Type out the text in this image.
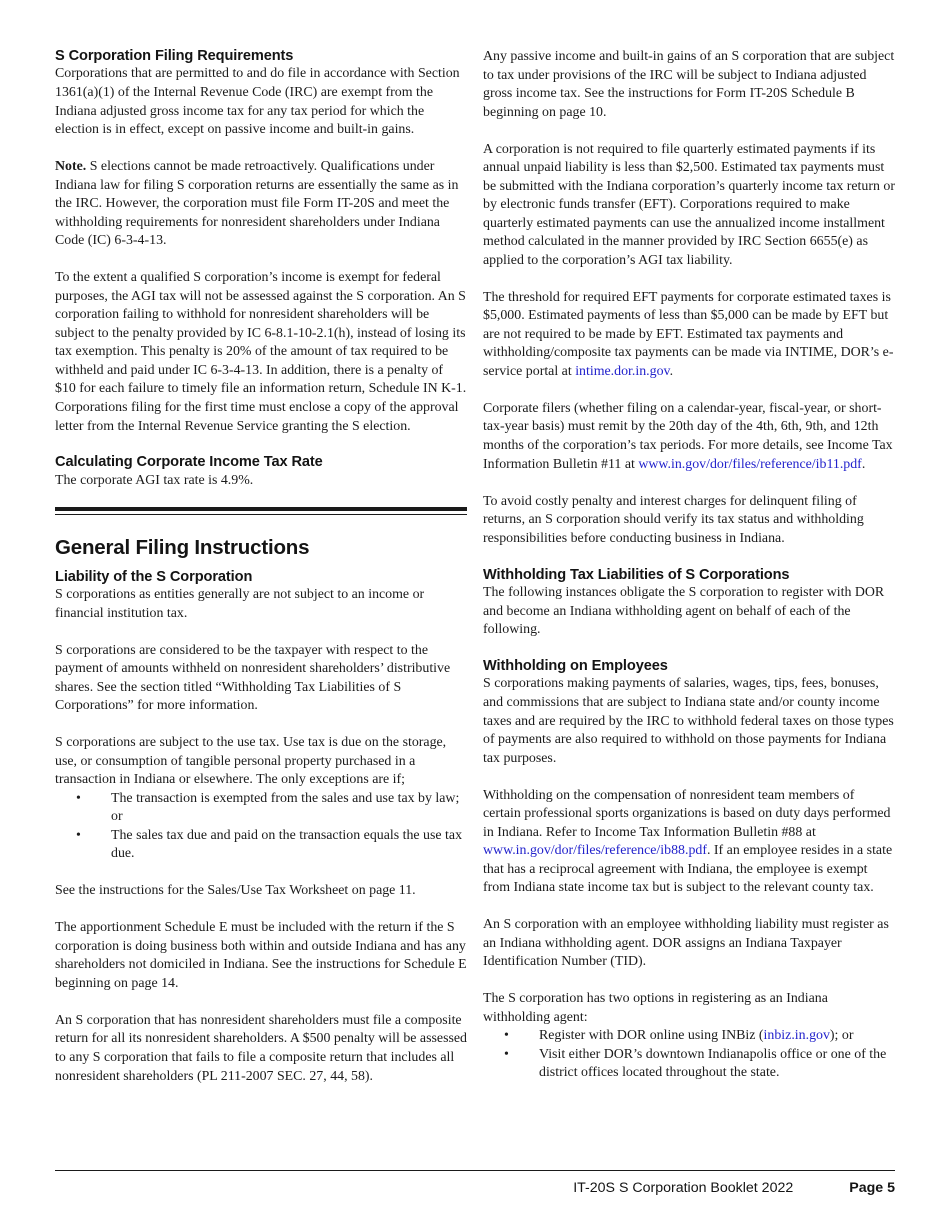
S Corporation Filing Requirements

Corporations that are permitted to and do file in accordance with Section 1361(a)(1) of the Internal Revenue Code (IRC) are exempt from the Indiana adjusted gross income tax for any tax period for which the election is in effect, except on passive income and built-in gains.

Note. S elections cannot be made retroactively. Qualifications under Indiana law for filing S corporation returns are essentially the same as in the IRC. However, the corporation must file Form IT-20S and meet the withholding requirements for nonresident shareholders under Indiana Code (IC) 6-3-4-13.

To the extent a qualified S corporation’s income is exempt for federal purposes, the AGI tax will not be assessed against the S corporation. An S corporation failing to withhold for nonresident shareholders will be subject to the penalty provided by IC 6-8.1-10-2.1(h), instead of losing its tax exemption. This penalty is 20% of the amount of tax required to be withheld and paid under IC 6-3-4-13. In addition, there is a penalty of $10 for each failure to timely file an information return, Schedule IN K-1. Corporations filing for the first time must enclose a copy of the approval letter from the Internal Revenue Service granting the S election.

Calculating Corporate Income Tax Rate

The corporate AGI tax rate is 4.9%.

General Filing Instructions
Liability of the S Corporation

S corporations as entities generally are not subject to an income or financial institution tax.

S corporations are considered to be the taxpayer with respect to the payment of amounts withheld on nonresident shareholders’ distributive shares. See the section titled “Withholding Tax Liabilities of S Corporations” for more information.

S corporations are subject to the use tax. Use tax is due on the storage, use, or consumption of tangible personal property purchased in a transaction in Indiana or elsewhere. The only exceptions are if;

• The transaction is exempted from the sales and use tax by law; or
• The sales tax due and paid on the transaction equals the use tax due.

See the instructions for the Sales/Use Tax Worksheet on page 11.

The apportionment Schedule E must be included with the return if the S corporation is doing business both within and outside Indiana and has any shareholders not domiciled in Indiana. See the instructions for Schedule E beginning on page 14.

An S corporation that has nonresident shareholders must file a composite return for all its nonresident shareholders. A $500 penalty will be assessed to any S corporation that fails to file a composite return that includes all nonresident shareholders (PL 211-2007 SEC. 27, 44, 58).

Any passive income and built-in gains of an S corporation that are subject to tax under provisions of the IRC will be subject to Indiana adjusted gross income tax. See the instructions for Form IT-20S Schedule B beginning on page 10.

A corporation is not required to file quarterly estimated payments if its annual unpaid liability is less than $2,500. Estimated tax payments must be submitted with the Indiana corporation’s quarterly income tax return or by electronic funds transfer (EFT). Corporations required to make quarterly estimated payments can use the annualized income installment method calculated in the manner provided by IRC Section 6655(e) as applied to the corporation’s AGI tax liability.

The threshold for required EFT payments for corporate estimated taxes is $5,000. Estimated payments of less than $5,000 can be made by EFT but are not required to be made by EFT. Estimated tax payments and withholding/composite tax payments can be made via INTIME, DOR’s e-service portal at intime.dor.in.gov.

Corporate filers (whether filing on a calendar-year, fiscal-year, or short-tax-year basis) must remit by the 20th day of the 4th, 6th, 9th, and 12th months of the corporation’s tax periods. For more details, see Income Tax Information Bulletin #11 at www.in.gov/dor/files/reference/ib11.pdf.

To avoid costly penalty and interest charges for delinquent filing of returns, an S corporation should verify its tax status and withholding responsibilities before conducting business in Indiana.

Withholding Tax Liabilities of S Corporations

The following instances obligate the S corporation to register with DOR and become an Indiana withholding agent on behalf of each of the following.

Withholding on Employees

S corporations making payments of salaries, wages, tips, fees, bonuses, and commissions that are subject to Indiana state and/or county income taxes and are required by the IRC to withhold federal taxes on those types of payments are also required to withhold on those payments for Indiana tax purposes.

Withholding on the compensation of nonresident team members of certain professional sports organizations is based on duty days performed in Indiana. Refer to Income Tax Information Bulletin #88 at www.in.gov/dor/files/reference/ib88.pdf. If an employee resides in a state that has a reciprocal agreement with Indiana, the employee is exempt from Indiana state income tax but is subject to the relevant county tax.

An S corporation with an employee withholding liability must register as an Indiana withholding agent. DOR assigns an Indiana Taxpayer Identification Number (TID).

The S corporation has two options in registering as an Indiana withholding agent:

• Register with DOR online using INBiz (inbiz.in.gov); or
• Visit either DOR’s downtown Indianapolis office or one of the district offices located throughout the state.
IT-20S S Corporation Booklet 2022	Page 5
